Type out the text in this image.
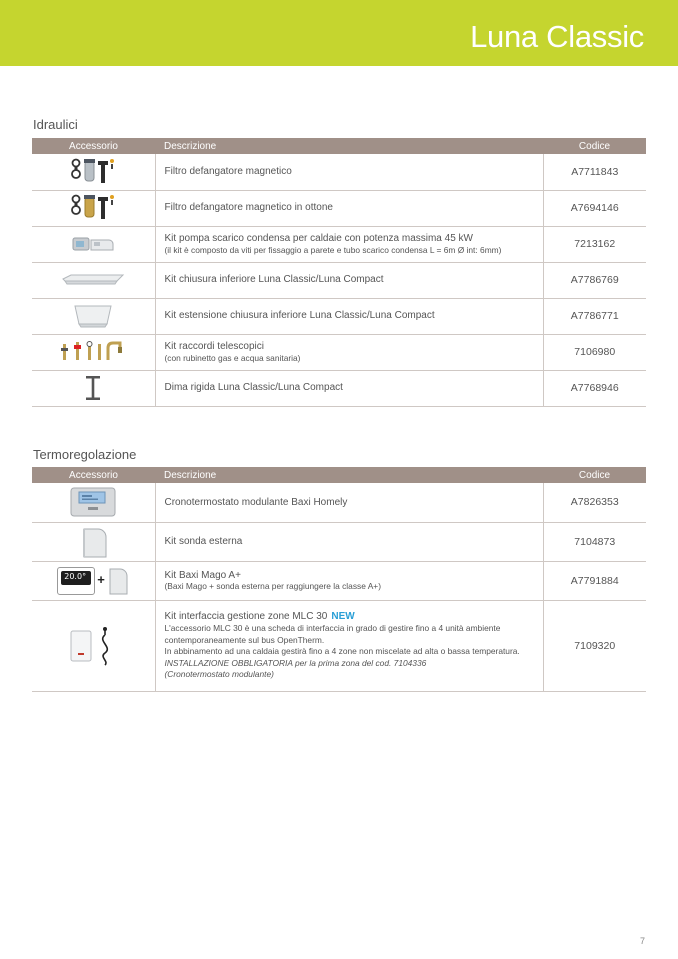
Luna Classic
Idraulici
Accessorio	Descrizione	Codice
	Filtro defangatore magnetico	A7711843
	Filtro defangatore magnetico in ottone	A7694146

Kit pompa scarico condensa per caldaie con potenza massima 45 kW
(il kit è composto da viti per fissaggio a parete e tubo scarico condensa L = 6m Ø int: 6mm)	7213162
	Kit chiusura inferiore Luna Classic/Luna Compact	A7786769
	Kit estensione chiusura inferiore Luna Classic/Luna Compact	A7786771

Kit raccordi telescopici
(con rubinetto gas e acqua sanitaria)	7106980
	Dima rigida Luna Classic/Luna Compact	A7768946
Termoregolazione
Accessorio	Descrizione	Codice
	Cronotermostato modulante Baxi Homely	A7826353
	Kit sonda esterna	7104873

20.0° +	Kit Baxi Mago A+
(Baxi Mago + sonda esterna per raggiungere la classe A+)	A7791884

Kit interfaccia gestione zone MLC 30 NEW
L'accessorio MLC 30 è una scheda di interfaccia in grado di gestire fino a 4 unità ambiente contemporaneamente sul bus OpenTherm.
In abbinamento ad una caldaia gestirà fino a 4 zone non miscelate ad alta o bassa temperatura.
INSTALLAZIONE OBBLIGATORIA per la prima zona del cod. 7104336
(Cronotermostato modulante)	7109320
7
